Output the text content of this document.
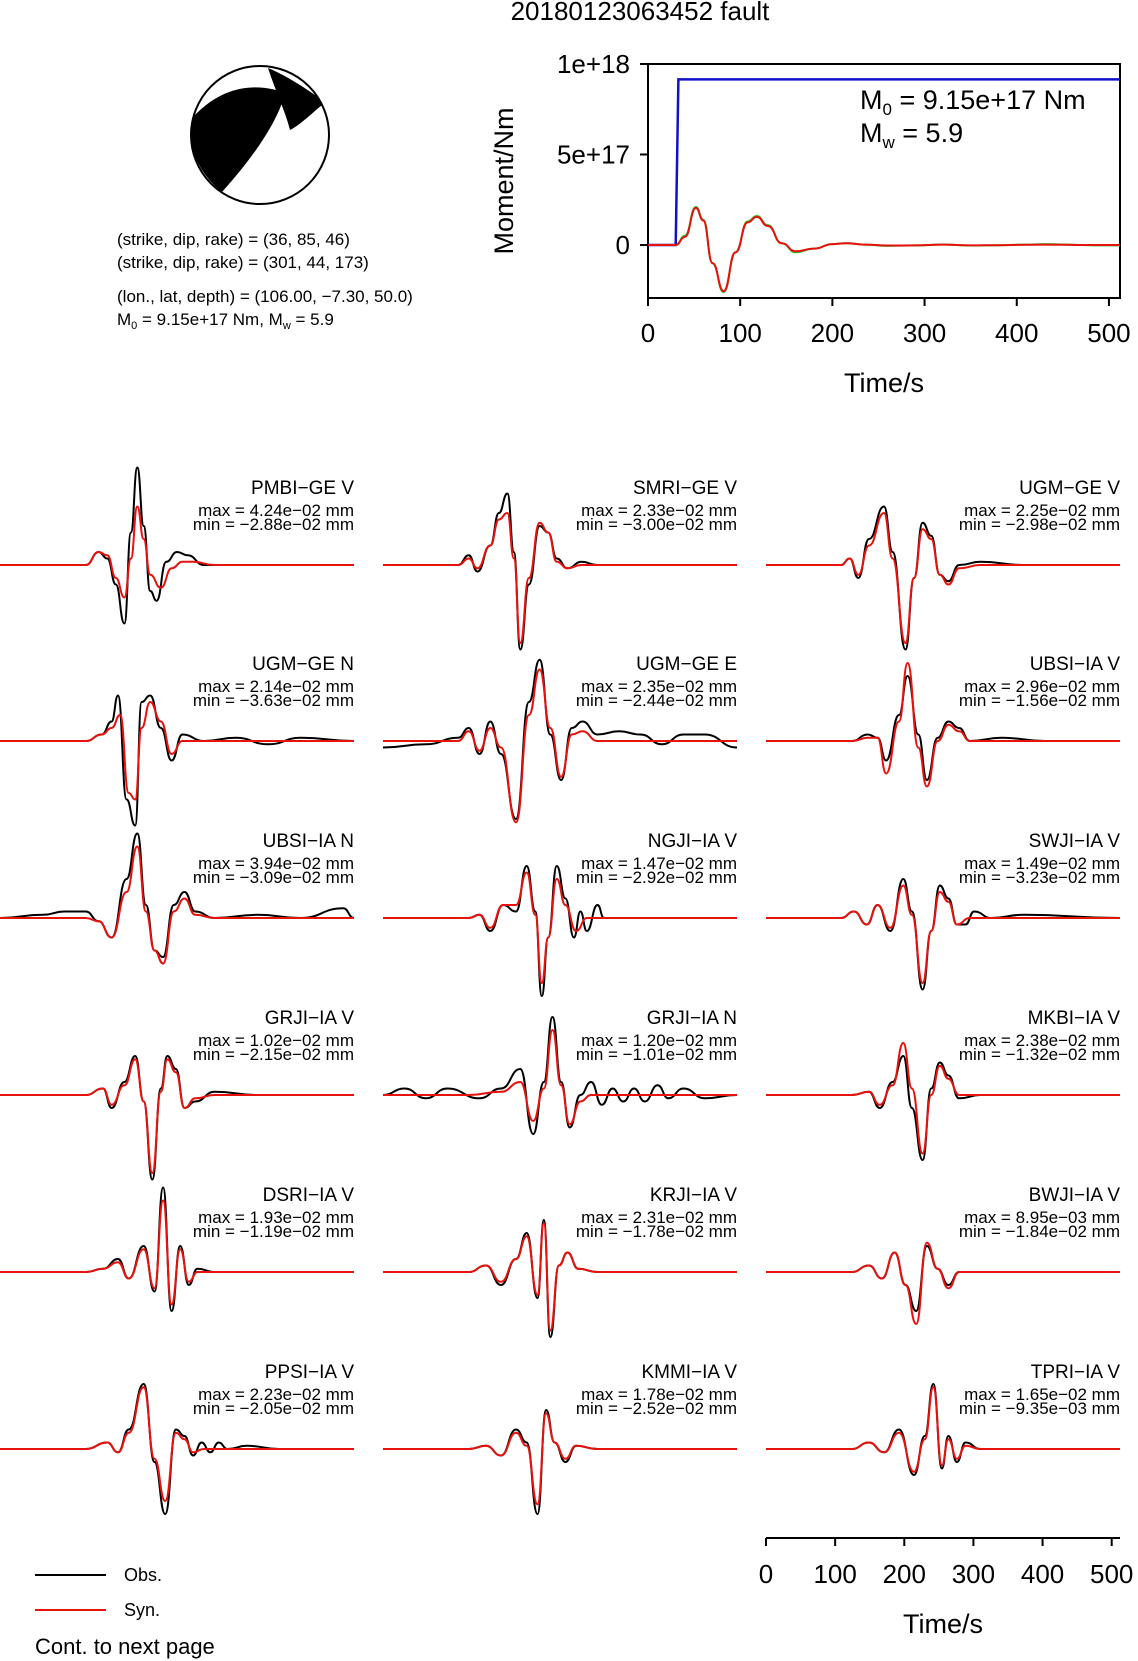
20180123063452 fault
(strike, dip, rake) = (36, 85, 46)
(strike, dip, rake) = (301, 44, 173)
(lon., lat, depth) = (106.00, −7.30, 50.0)
$M_0 = 9.15e+17$ Nm, $M_w = 5.9$
1e+18
5e+17
0
0 100 200 300 400 500
Moment/Nm
Time/s
$M_0 = 9.15e+17$ Nm
$M_w = 5.9$
PMBI−GE V
max = 4.24e−02 mm
min = −2.88e−02 mm
SMRI−GE V
max = 2.33e−02 mm
min = −3.00e−02 mm
UGM−GE V
max = 2.25e−02 mm
min = −2.98e−02 mm
UGM−GE N
max = 2.14e−02 mm
min = −3.63e−02 mm
UGM−GE E
max = 2.35e−02 mm
min = −2.44e−02 mm
UBSI−IA V
max = 2.96e−02 mm
min = −1.56e−02 mm
UBSI−IA N
max = 3.94e−02 mm
min = −3.09e−02 mm
NGJI−IA V
max = 1.47e−02 mm
min = −2.92e−02 mm
SWJI−IA V
max = 1.49e−02 mm
min = −3.23e−02 mm
GRJI−IA V
max = 1.02e−02 mm
min = −2.15e−02 mm
GRJI−IA N
max = 1.20e−02 mm
min = −1.01e−02 mm
MKBI−IA V
max = 2.38e−02 mm
min = −1.32e−02 mm
DSRI−IA V
max = 1.93e−02 mm
min = −1.19e−02 mm
KRJI−IA V
max = 2.31e−02 mm
min = −1.78e−02 mm
BWJI−IA V
max = 8.95e−03 mm
min = −1.84e−02 mm
PPSI−IA V
max = 2.23e−02 mm
min = −2.05e−02 mm
KMMI−IA V
max = 1.78e−02 mm
min = −2.52e−02 mm
TPRI−IA V
max = 1.65e−02 mm
min = −9.35e−03 mm
0 100 200 300 400 500
Time/s
Obs.
Syn.
Cont. to next page
